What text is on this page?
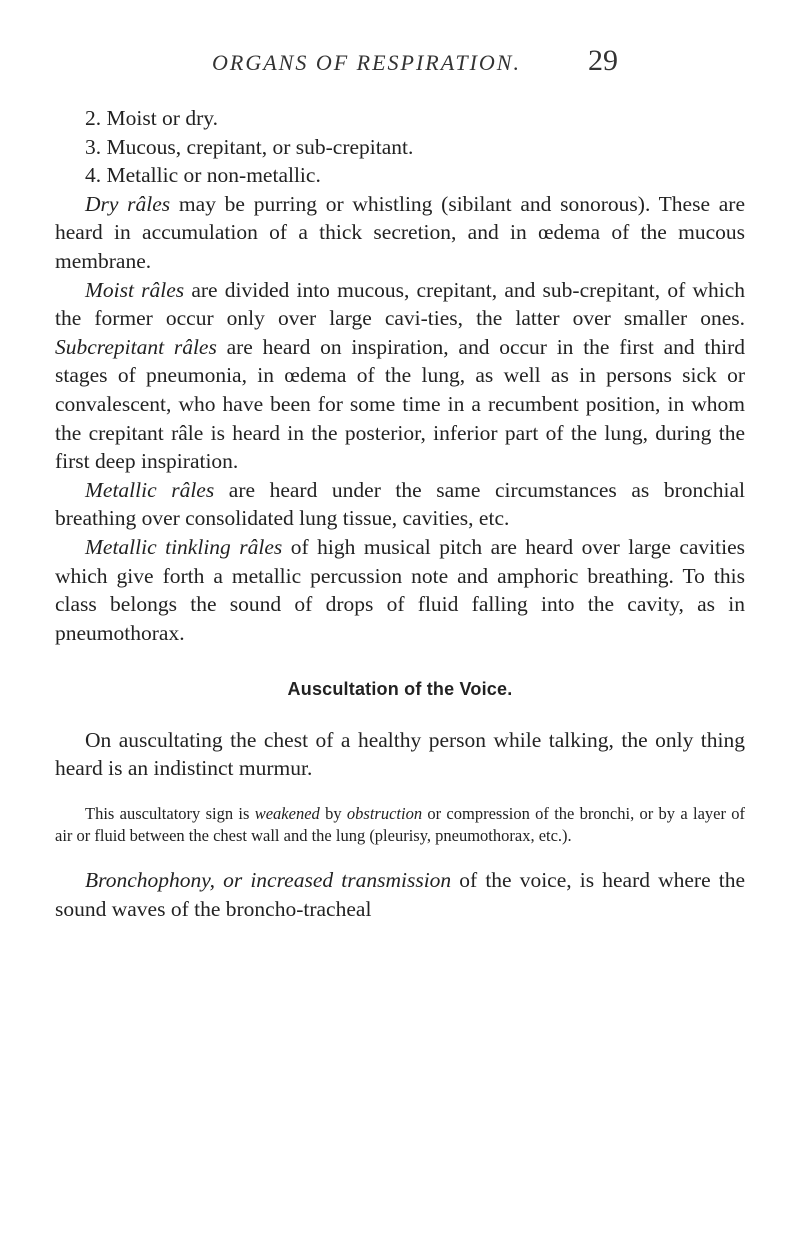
ORGANS OF RESPIRATION. 29

2. Moist or dry.

3. Mucous, crepitant, or sub-crepitant.

4. Metallic or non-metallic.

Dry râles may be purring or whistling (sibilant and sonorous). These are heard in accumulation of a thick secretion, and in œdema of the mucous membrane.

Moist râles are divided into mucous, crepitant, and sub-crepitant, of which the former occur only over large cavi-ties, the latter over smaller ones. Subcrepitant râles are heard on inspiration, and occur in the first and third stages of pneumonia, in œdema of the lung, as well as in persons sick or convalescent, who have been for some time in a recumbent position, in whom the crepitant râle is heard in the posterior, inferior part of the lung, during the first deep inspiration.

Metallic râles are heard under the same circumstances as bronchial breathing over consolidated lung tissue, cavities, etc.

Metallic tinkling râles of high musical pitch are heard over large cavities which give forth a metallic percussion note and amphoric breathing. To this class belongs the sound of drops of fluid falling into the cavity, as in pneumothorax.

Auscultation of the Voice.

On auscultating the chest of a healthy person while talking, the only thing heard is an indistinct murmur.

This auscultatory sign is weakened by obstruction or compression of the bronchi, or by a layer of air or fluid between the chest wall and the lung (pleurisy, pneumothorax, etc.).

Bronchophony, or increased transmission of the voice, is heard where the sound waves of the broncho-tracheal
